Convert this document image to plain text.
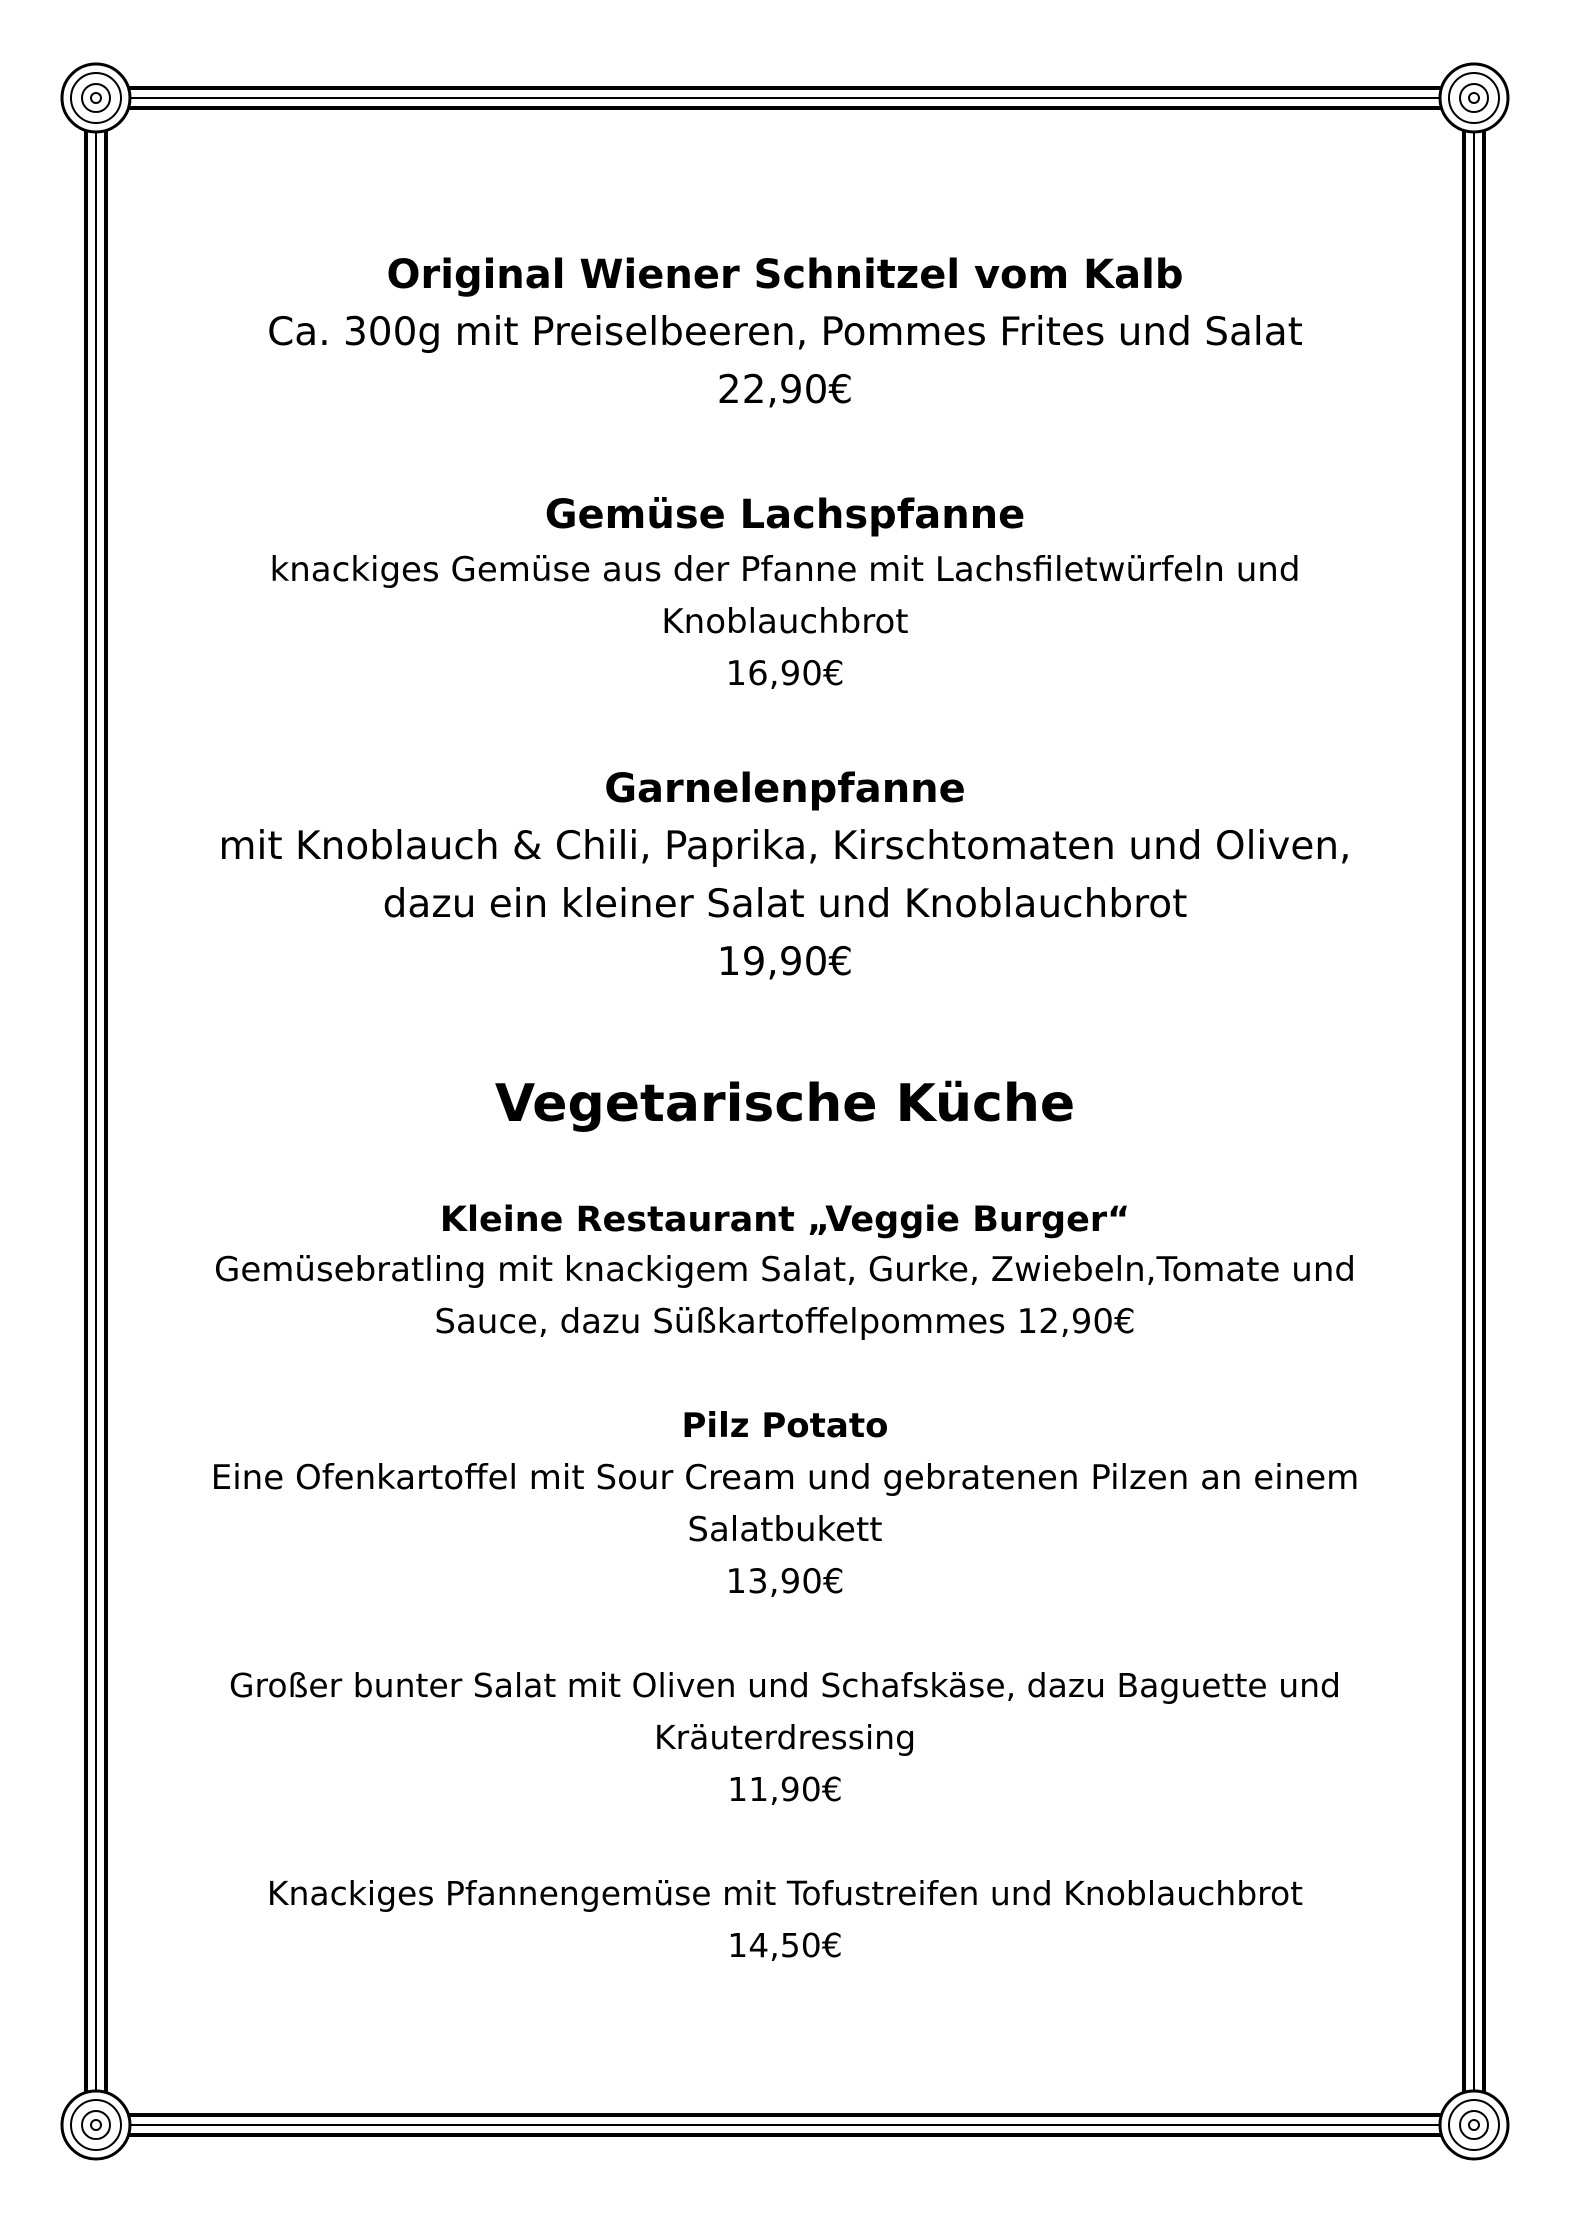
Original Wiener Schnitzel vom Kalb
Ca. 300g mit Preiselbeeren, Pommes Frites und Salat
22,90€
Gemüse Lachspfanne
knackiges Gemüse aus der Pfanne mit Lachsfiletwürfeln und
Knoblauchbrot
16,90€
Garnelenpfanne
mit Knoblauch & Chili, Paprika, Kirschtomaten und Oliven,
dazu ein kleiner Salat und Knoblauchbrot
19,90€
Vegetarische Küche
Kleine Restaurant „Veggie Burger“
Gemüsebratling mit knackigem Salat, Gurke, Zwiebeln,Tomate und
Sauce, dazu Süßkartoffelpommes 12,90€
Pilz Potato
Eine Ofenkartoffel mit Sour Cream und gebratenen Pilzen an einem
Salatbukett
13,90€
Großer bunter Salat mit Oliven und Schafskäse, dazu Baguette und
Kräuterdressing
11,90€
Knackiges Pfannengemüse mit Tofustreifen und Knoblauchbrot
14,50€
